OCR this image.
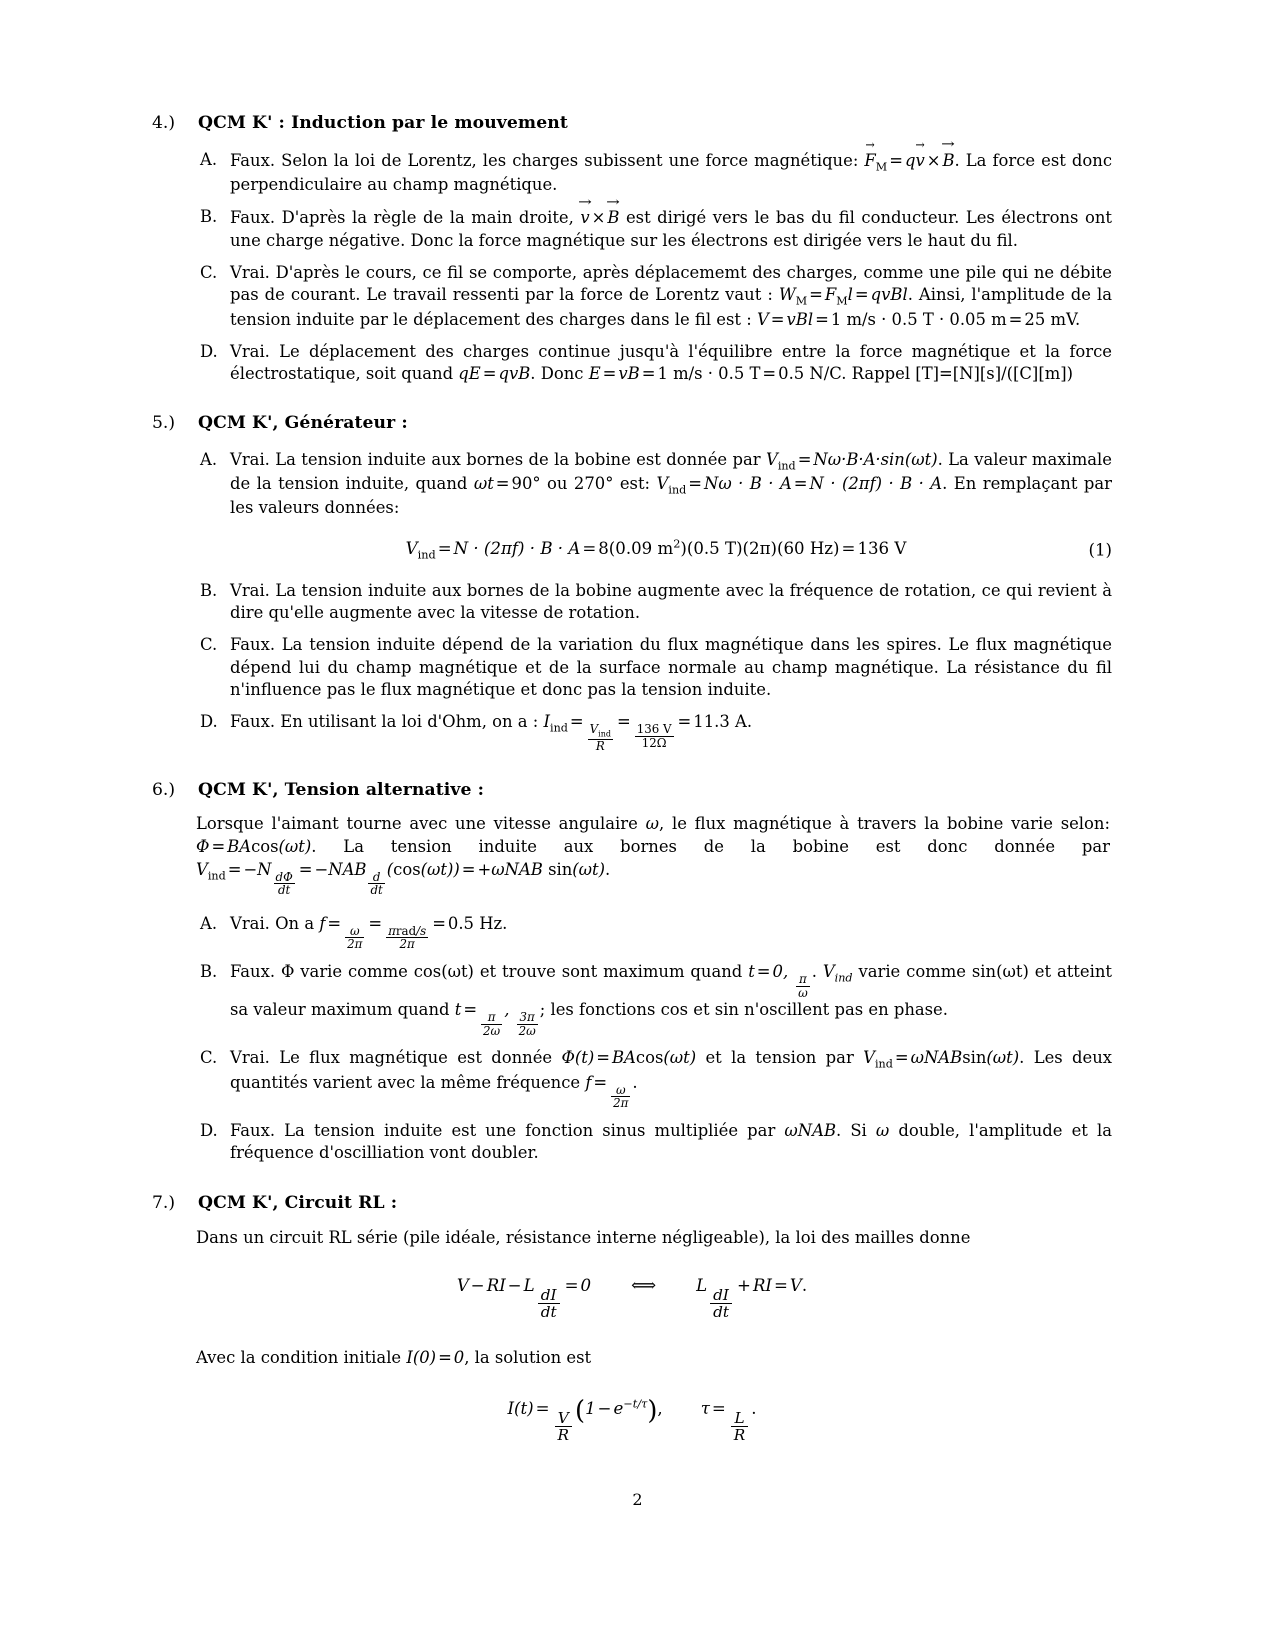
4.)	QCM K' : Induction par le mouvement
A. Faux. Selon la loi de Lorentz, les charges subissent une force magnétique: $F \to_M$ = qv → × B →. La force est donc perpendiculaire au champ magnétique.
B. Faux. D'après la règle de la main droite, v → × B → est dirigé vers le bas du fil conducteur. Les électrons ont une charge négative. Donc la force magnétique sur les électrons est dirigée vers le haut du fil.
C. Vrai. D'après le cours, ce fil se comporte, après déplacememt des charges, comme une pile qui ne débite pas de courant. Le travail ressenti par la force de Lorentz vaut : $W_M = F_Ml$ = qvBl. Ainsi, l'amplitude de la tension induite par le déplacement des charges dans le fil est : V = vBl = 1 m/s · 0.5 T · 0.05 m = 25 mV.
D. Vrai. Le déplacement des charges continue jusqu'à l'équilibre entre la force magnétique et la force électrostatique, soit quand qE = qvB. Donc E = vB = 1 m/s · 0.5 T = 0.5 N/C. Rappel [T]=[N][s]/([C][m])
5.)	QCM K', Générateur :
A. Vrai. La tension induite aux bornes de la bobine est donnée par $V_{ind} = N\omega\cdot B\cdot A\cdot\sin(\omega t)$. La valeur maximale de la tension induite, quand ωt = 90° ou 270° est: $V_{ind} = N\omega \cdot B \cdot A = N \cdot (2\pi f) \cdot B \cdot A$. En remplaçant par les valeurs données:
$V_{ind} = N \cdot (2\pi f) \cdot B \cdot A = 8(0.09$ $m^2)(0.5$ T)(2π)(60 Hz) = 136 V	(1)
B. Vrai. La tension induite aux bornes de la bobine augmente avec la fréquence de rotation, ce qui revient à dire qu'elle augmente avec la vitesse de rotation.
C. Faux. La tension induite dépend de la variation du flux magnétique dans les spires. Le flux magnétique dépend lui du champ magnétique et de la surface normale au champ magnétique. La résistance du fil n'influence pas le flux magnétique et donc pas la tension induite.
D. Faux. En utilisant la loi d'Ohm, on a : $I_{ind}$ =
$\frac{V_{ind}}{R}$
=
$\frac{136 V}{12\Omega}$
= 11.3 A.
6.)	QCM K', Tension alternative :
Lorsque l'aimant tourne avec une vitesse angulaire ω, le flux magnétique à travers la bobine varie selon: Φ = BAcos(ωt). La tension induite aux bornes de la bobine est donc donnée par $V_{ind} = -N$
$\frac{d\Phi}{dt}$
= −NAB
$\frac{d}{dt}$
(cos(ωt)) = +ωNAB sin(ωt).
A. Vrai. On a f =
$\frac{\omega}{2\pi}$
=
$\frac{\text{πrad/s}}{2\pi}$
= 0.5 Hz.
B. Faux. Φ varie comme cos(ωt) et trouve sont maximum quand t = 0,
$\frac{\pi}{\omega}$
. $V_{ind}$ varie comme sin(ωt) et atteint sa valeur maximum quand t =
$\frac{\pi}{2\omega}$
,
$\frac{3\pi}{2\omega}$
; les fonctions cos et sin n'oscillent pas en phase.
C. Vrai. Le flux magnétique est donnée Φ(t) = BAcos(ωt) et la tension par $V_{ind} = \omega NABsin(\omega t)$. Les deux quantités varient avec la même fréquence f =
$\frac{\omega}{2\pi}$
.
D. Faux. La tension induite est une fonction sinus multipliée par ωNAB. Si ω double, l'amplitude et la fréquence d'oscilliation vont doubler.
7.)	QCM K', Circuit RL :
Dans un circuit RL série (pile idéale, résistance interne négligeable), la loi des mailles donne
V − RI − L
$\frac{dI}{dt}$
= 0 ⟺ L
$\frac{dI}{dt}$
+ RI = V.
Avec la condition initiale I(0) = 0, la solution est
I(t) =
$\frac{V}{R} (1 - e^{-t/\tau})$, τ =
$\frac{L}{R}$
.
2
